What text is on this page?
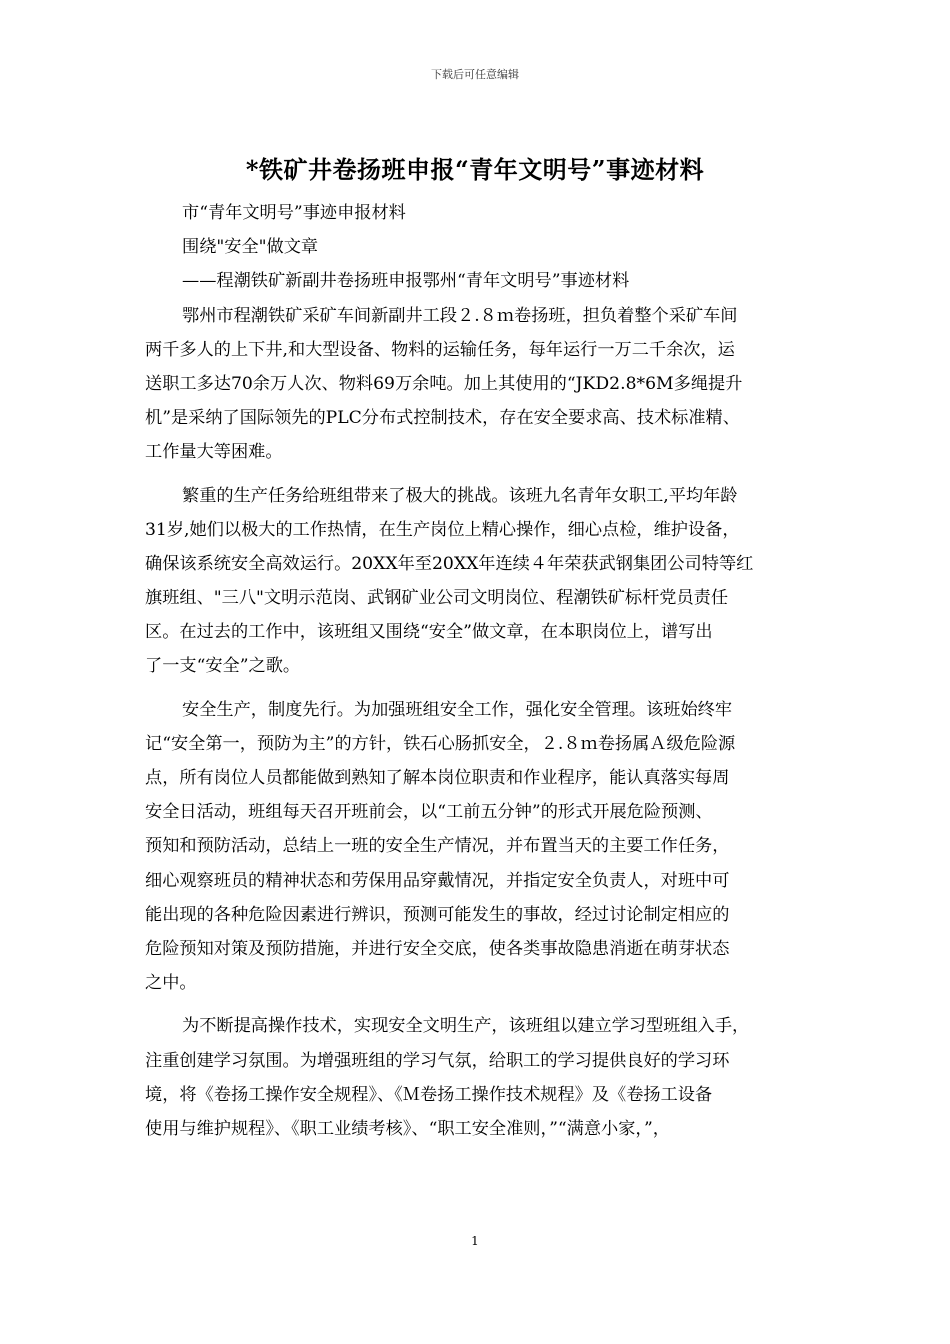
下载后可任意编辑
*铁矿井卷扬班申报“青年文明号”事迹材料
市“青年文明号”事迹申报材料
围绕"安全"做文章
——程潮铁矿新副井卷扬班申报鄂州“青年文明号”事迹材料
鄂州市程潮铁矿采矿车间新副井工段２.８ｍ卷扬班，担负着整个采矿车间
两千多人的上下井,和大型设备、物料的运输任务，每年运行一万二千余次，运
送职工多达70余万人次、物料69万余吨。加上其使用的“JKD2.8*6M多绳提升
机”是采纳了国际领先的PLC分布式控制技术，存在安全要求高、技术标准精、
工作量大等困难。
繁重的生产任务给班组带来了极大的挑战。该班九名青年女职工,平均年龄
31岁,她们以极大的工作热情，在生产岗位上精心操作，细心点检，维护设备，
确保该系统安全高效运行。20XX年至20XX年连续４年荣获武钢集团公司特等红
旗班组、"三八"文明示范岗、武钢矿业公司文明岗位、程潮铁矿标杆党员责任
区。在过去的工作中，该班组又围绕“安全”做文章，在本职岗位上，谱写出
了一支“安全”之歌。
安全生产，制度先行。为加强班组安全工作，强化安全管理。该班始终牢
记“安全第一，预防为主”的方针，铁石心肠抓安全，２.８ｍ卷扬属Ａ级危险源
点，所有岗位人员都能做到熟知了解本岗位职责和作业程序，能认真落实每周
安全日活动，班组每天召开班前会，以“工前五分钟”的形式开展危险预测、
预知和预防活动，总结上一班的安全生产情况，并布置当天的主要工作任务，
细心观察班员的精神状态和劳保用品穿戴情况，并指定安全负责人，对班中可
能出现的各种危险因素进行辨识，预测可能发生的事故，经过讨论制定相应的
危险预知对策及预防措施，并进行安全交底，使各类事故隐患消逝在萌芽状态
之中。
为不断提高操作技术，实现安全文明生产，该班组以建立学习型班组入手，
注重创建学习氛围。为增强班组的学习气氛，给职工的学习提供良好的学习环
境，将《卷扬工操作安全规程》、《Ｍ卷扬工操作技术规程》及《卷扬工设备
使用与维护规程》、《职工业绩考核》、“职工安全准则，”“满意小家，”，
1
